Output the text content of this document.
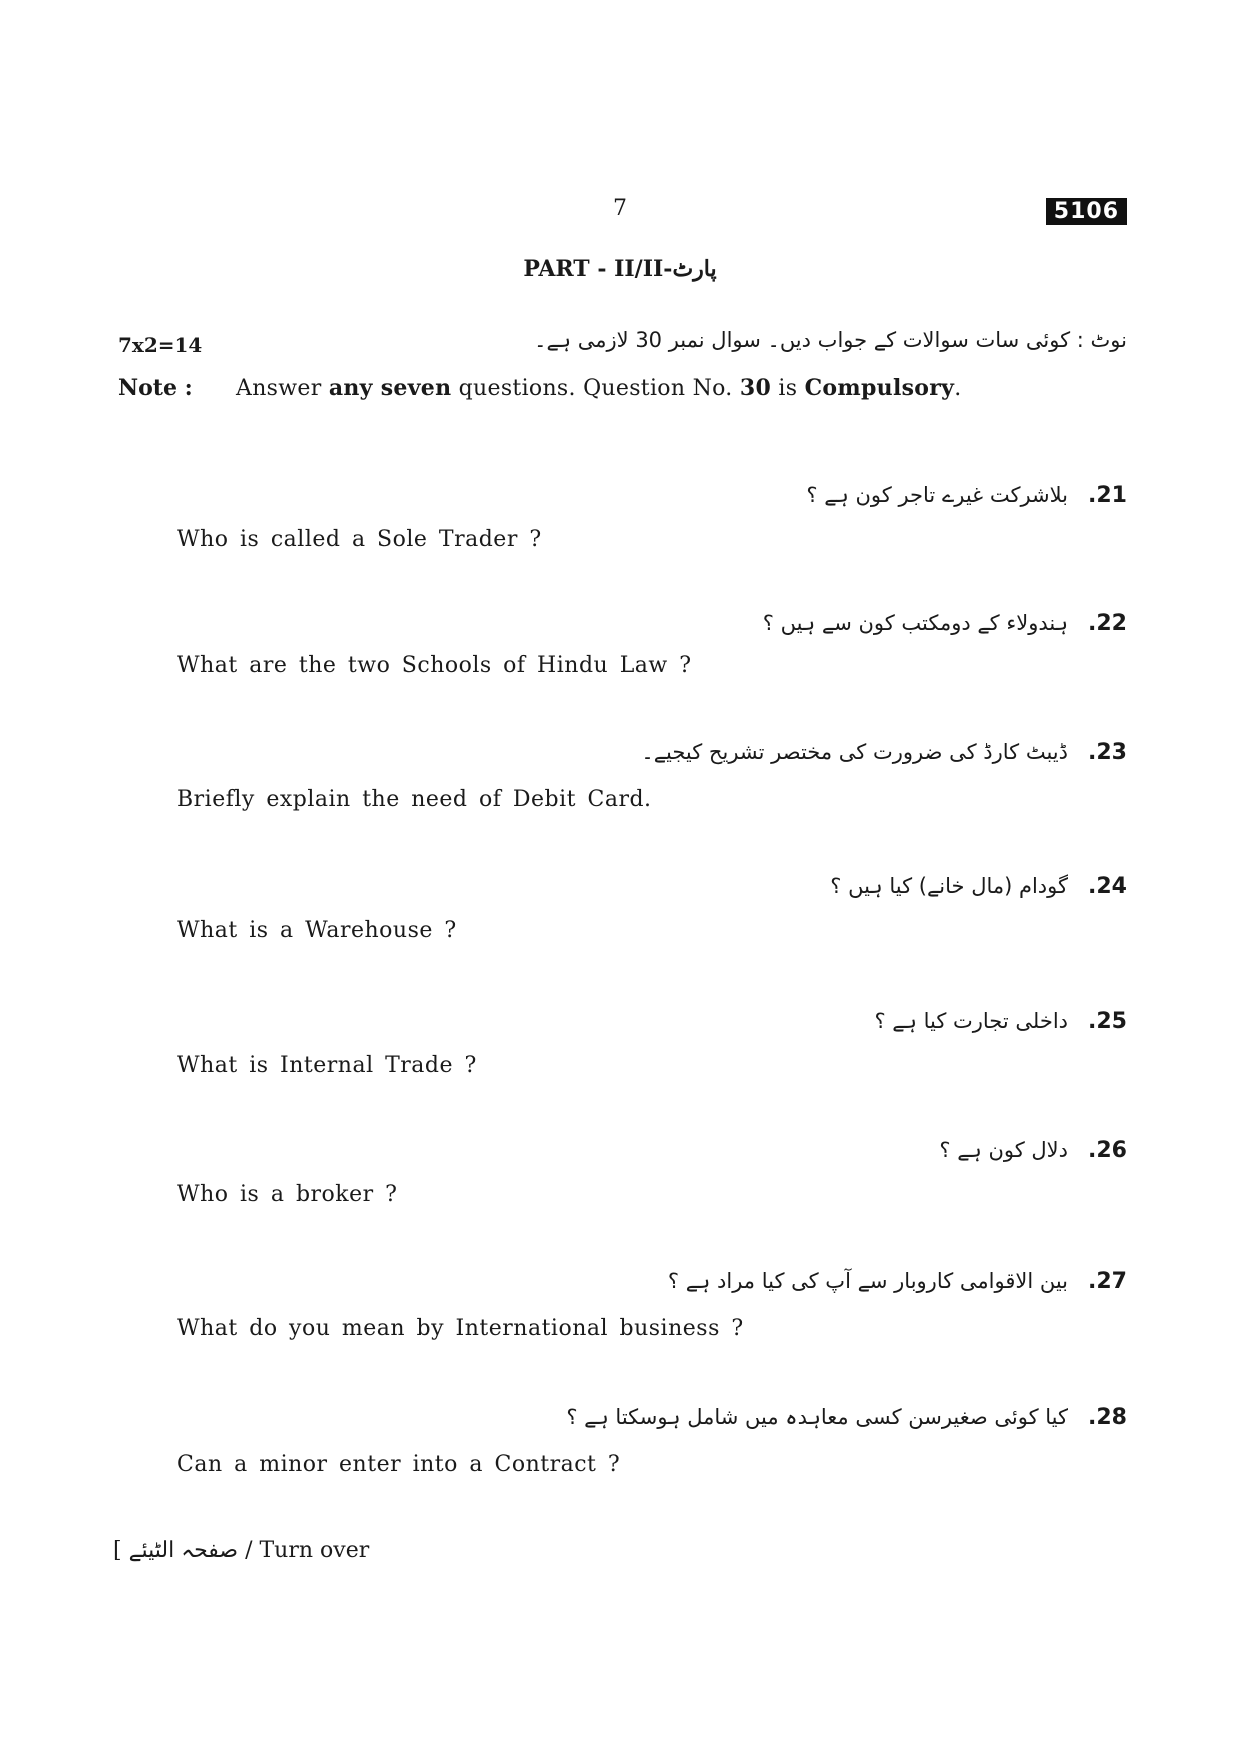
7	5106
PART - II/II-پارٹ
7x2=14	نوٹ : کوئی سات سوالات کے جواب دیں۔ سوال نمبر 30 لازمی ہے۔
Note : Answer any seven questions. Question No. 30 is Compulsory.
.21بلاشرکت غیرے تاجر کون ہے ؟
Who is called a Sole Trader ?
.22ہندولاء کے دومکتب کون سے ہیں ؟
What are the two Schools of Hindu Law ?
.23ڈیبٹ کارڈ کی ضرورت کی مختصر تشریح کیجیے۔
Briefly explain the need of Debit Card.
.24گودام (مال خانے) کیا ہیں ؟
What is a Warehouse ?
.25داخلی تجارت کیا ہے ؟
What is Internal Trade ?
.26دلال کون ہے ؟
Who is a broker ?
.27بین الاقوامی کاروبار سے آپ کی کیا مراد ہے ؟
What do you mean by International business ?
.28کیا کوئی صغیرسن کسی معاہدہ میں شامل ہوسکتا ہے ؟
Can a minor enter into a Contract ?
[ صفحہ الٹیئے / Turn over
